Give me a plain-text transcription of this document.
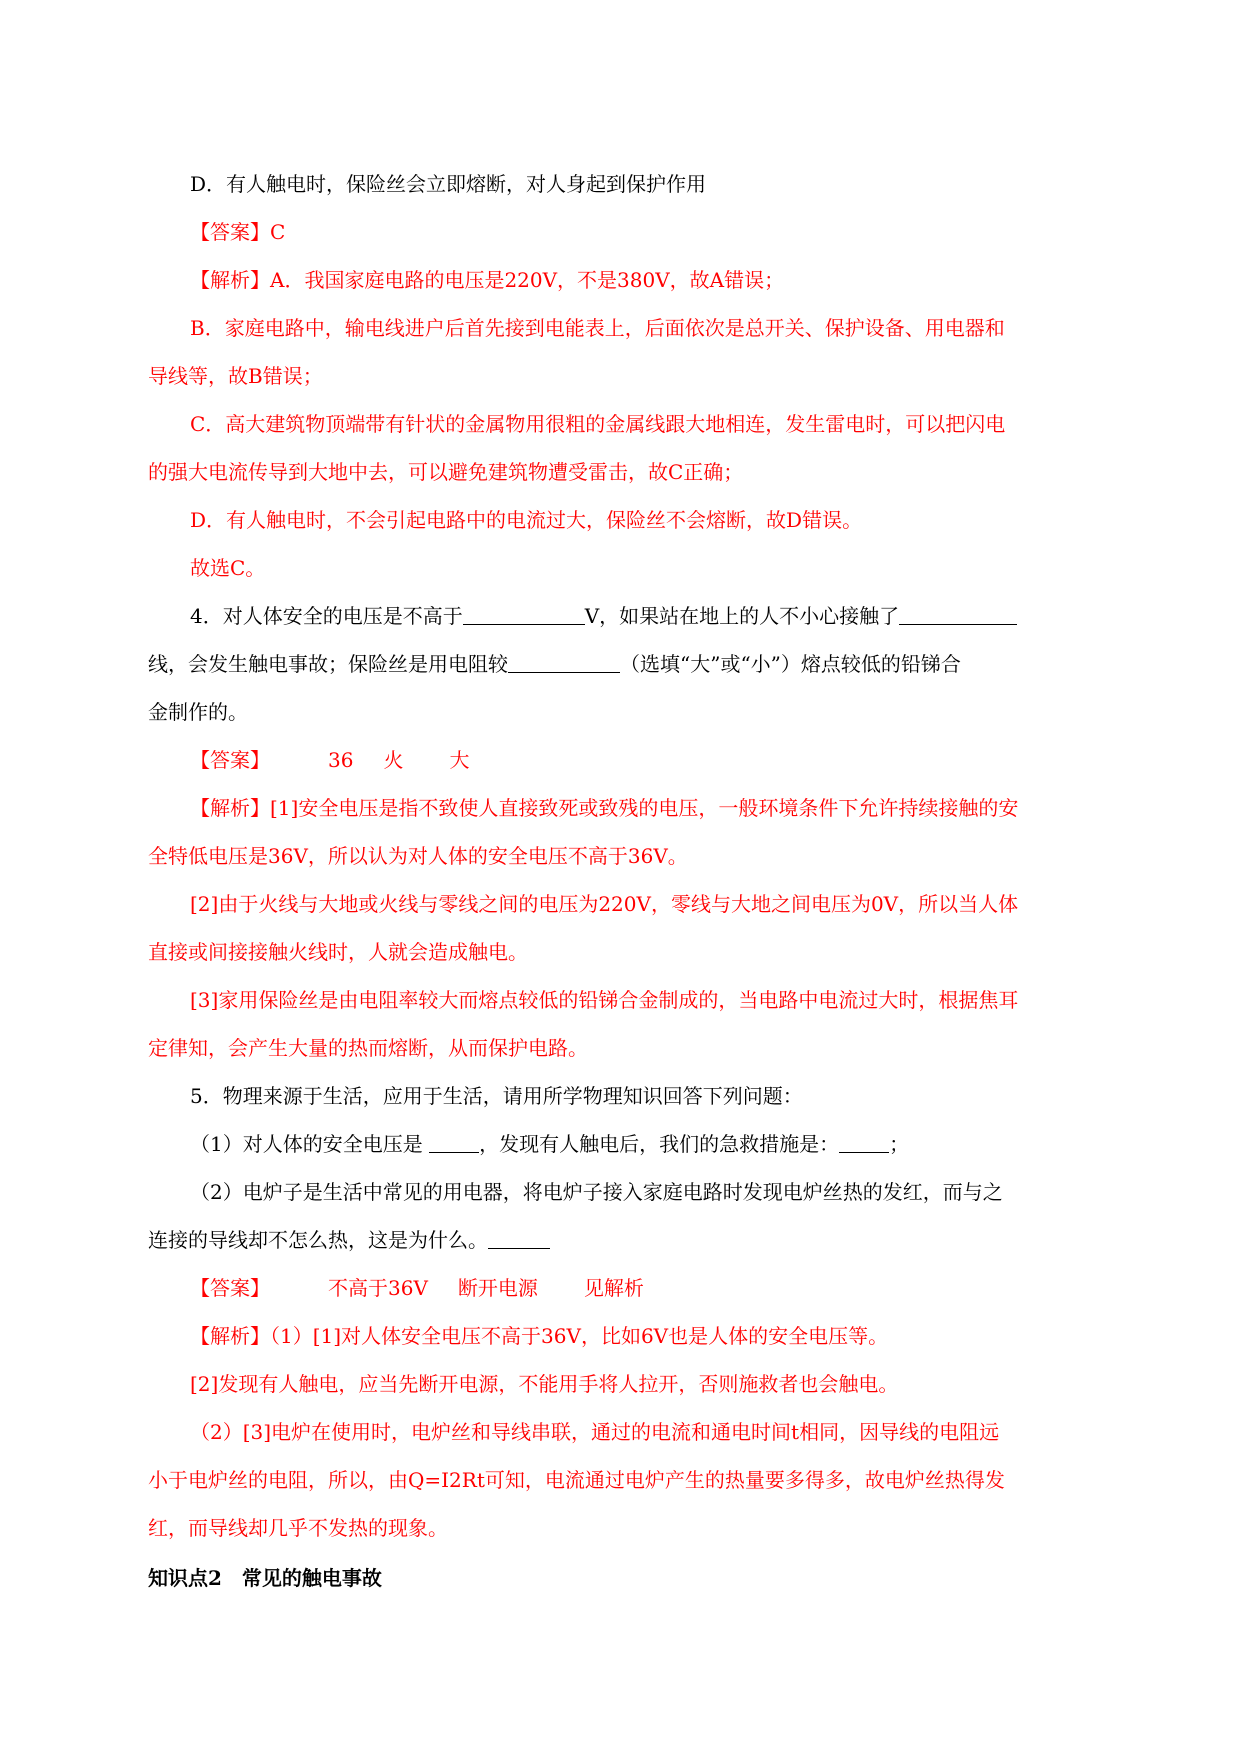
D．有人触电时，保险丝会立即熔断，对人身起到保护作用
【答案】C
【解析】A．我国家庭电路的电压是220V，不是380V，故A错误；
B．家庭电路中，输电线进户后首先接到电能表上，后面依次是总开关、保护设备、用电器和
导线等，故B错误；
C．高大建筑物顶端带有针状的金属物用很粗的金属线跟大地相连，发生雷电时，可以把闪电
的强大电流传导到大地中去，可以避免建筑物遭受雷击，故C正确；
D．有人触电时，不会引起电路中的电流过大，保险丝不会熔断，故D错误。
故选C。
4．对人体安全的电压是不高于	V，如果站在地上的人不小心接触了
线，会发生触电事故；保险丝是用电阻较	（选填“大”或“小”）熔点较低的铅锑合
金制作的。
【答案】	36 火 大
【解析】[1]安全电压是指不致使人直接致死或致残的电压，一般环境条件下允许持续接触的安
全特低电压是36V，所以认为对人体的安全电压不高于36V。
[2]由于火线与大地或火线与零线之间的电压为220V，零线与大地之间电压为0V，所以当人体
直接或间接接触火线时，人就会造成触电。
[3]家用保险丝是由电阻率较大而熔点较低的铅锑合金制成的，当电路中电流过大时，根据焦耳
定律知，会产生大量的热而熔断，从而保护电路。
5．物理来源于生活，应用于生活，请用所学物理知识回答下列问题：
（1）对人体的安全电压是	，发现有人触电后，我们的急救措施是：	；
（2）电炉子是生活中常见的用电器，将电炉子接入家庭电路时发现电炉丝热的发红，而与之
连接的导线却不怎么热，这是为什么。
【答案】	不高于36V 断开电源 见解析
【解析】（1）[1]对人体安全电压不高于36V，比如6V也是人体的安全电压等。
[2]发现有人触电，应当先断开电源，不能用手将人拉开，否则施救者也会触电。
（2）[3]电炉在使用时，电炉丝和导线串联，通过的电流和通电时间t相同，因导线的电阻远
小于电炉丝的电阻，所以，由Q=I2Rt可知，电流通过电炉产生的热量要多得多，故电炉丝热得发
红，而导线却几乎不发热的现象。
知识点2　常见的触电事故
